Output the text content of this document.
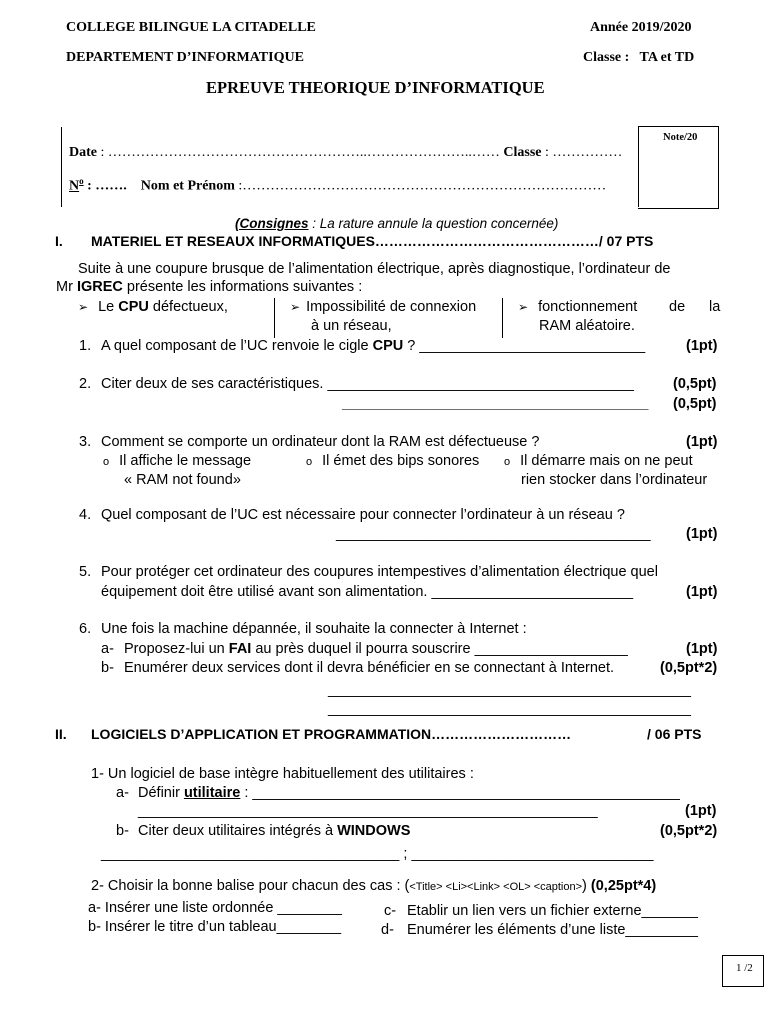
COLLEGE BILINGUE LA CITADELLE
DEPARTEMENT D’INFORMATIQUE
Année 2019/2020
Classe : TA et TD
EPREUVE THEORIQUE D’INFORMATIQUE
Note/20
Date : ………………………………………………..…………………..…… Classe : ……………
$N^o$ : …….    Nom et Prénom :……………………………………………………………………
(Consignes : La rature annule la question concernée)
I. MATERIEL ET RESEAUX INFORMATIQUES…………………………………………/ 07 PTS
Suite à une coupure brusque de l’alimentation électrique, après diagnostique, l’ordinateur de
Mr IGREC présente les informations suivantes :
➢ Le CPU défectueux,	➢ Impossibilité de connexion
à un réseau,
➢ fonctionnement de la
RAM aléatoire.
1. A quel composant de l’UC renvoie le cigle CPU ? ____________________________	(1pt)
2. Citer deux de ses caractéristiques. ______________________________________	(0,5pt)
______________________________________ (0,5pt)
3. Comment se comporte un ordinateur dont la RAM est défectueuse ?	(1pt)
o Il affiche le message
« RAM not found»
o Il émet des bips sonores	o Il démarre mais on ne peut
rien stocker dans l’ordinateur
4. Quel composant de l’UC est nécessaire pour connecter l’ordinateur à un réseau ?
_______________________________________ (1pt)
5. Pour protéger cet ordinateur des coupures intempestives d’alimentation électrique quel
équipement doit être utilisé avant son alimentation. _________________________	(1pt)
6. Une fois la machine dépannée, il souhaite la connecter à Internet :
a- Proposez-lui un FAI au près duquel il pourra souscrire ___________________	(1pt)
b- Enumérer deux services dont il devra bénéficier en se connectant à Internet.	(0,5pt*2)
_____________________________________________
_____________________________________________
II. LOGICIELS D’APPLICATION ET PROGRAMMATION…………………………	/ 06 PTS
1- Un logiciel de base intègre habituellement des utilitaires :
a- Définir utilitaire : _____________________________________________________
_________________________________________________________	(1pt)
b- Citer deux utilitaires intégrés à WINDOWS	(0,5pt*2)
_____________________________________ ; ______________________________
2- Choisir la bonne balise pour chacun des cas : (<Title> <Li><Link> <OL> <caption>) (0,25pt*4)
a- Insérer une liste ordonnée ________
b- Insérer le titre d’un tableau________
c- Etablir un lien vers un fichier externe_______
d- Enumérer les éléments d’une liste_________
1 /2
